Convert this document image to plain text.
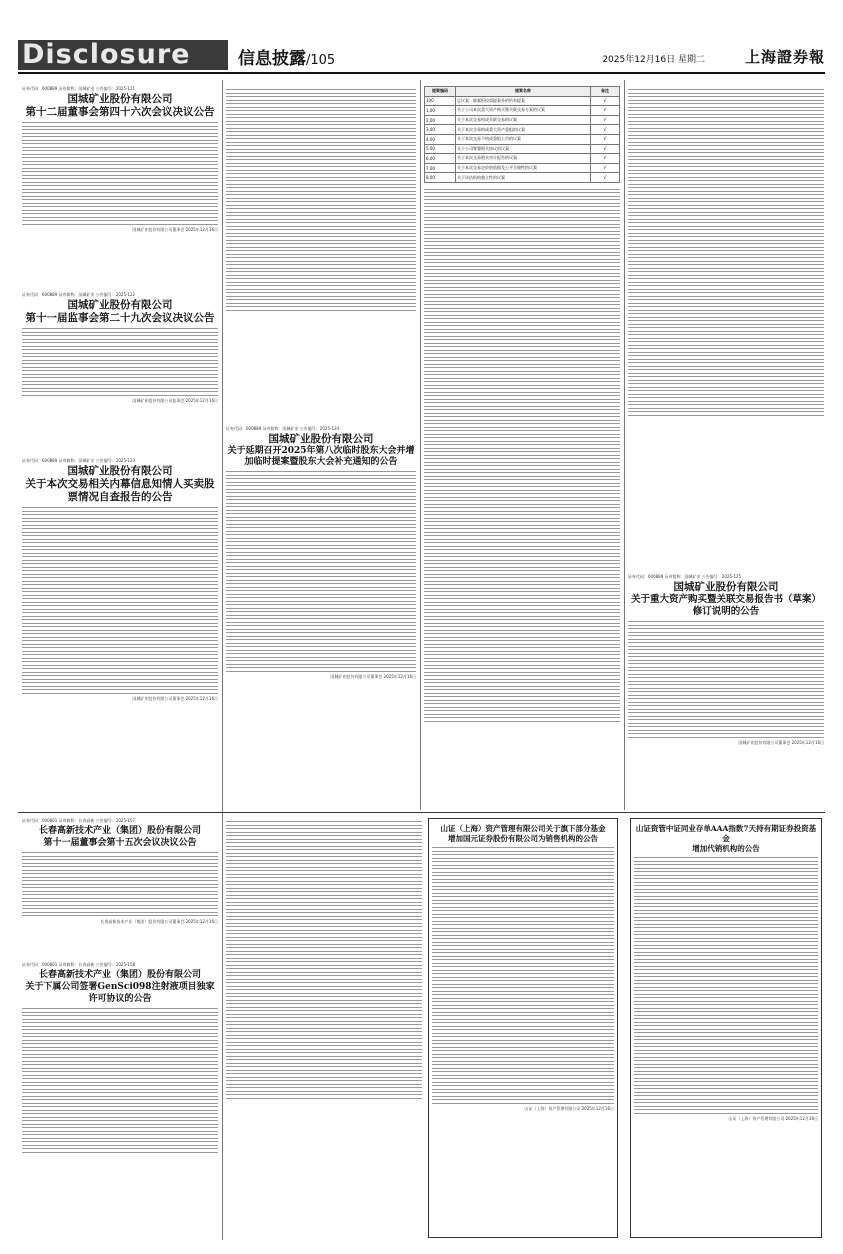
Disclosure	信息披露/105	2025年12月16日 星期二	上海證券報
证券代码：600889 证券简称：国城矿业 公告编号：2025-121
国城矿业股份有限公司
第十二届董事会第四十六次会议决议公告
国城矿业股份有限公司董事会 2025年12月16日
证券代码：600889 证券简称：国城矿业 公告编号：2025-122
国城矿业股份有限公司
第十一届监事会第二十九次会议决议公告
国城矿业股份有限公司监事会 2025年12月16日
证券代码：600889 证券简称：国城矿业 公告编号：2025-123
国城矿业股份有限公司
关于本次交易相关内幕信息知情人买卖股票情况自查报告的公告
国城矿业股份有限公司董事会 2025年12月16日
证券代码：600889 证券简称：国城矿业 公告编号：2025-124
国城矿业股份有限公司
关于延期召开2025年第八次临时股东大会并增加临时提案暨股东大会补充通知的公告
国城矿业股份有限公司董事会 2025年12月16日
提案编码	提案名称	备注
100	总议案：除累积投票提案外的所有提案	√
1.00	关于公司本次重大资产购买暨关联交易方案的议案	√
2.00	关于本次交易构成关联交易的议案	√
3.00	关于本次交易构成重大资产重组的议案	√
4.00	关于本次交易不构成重组上市的议案	√
5.00	关于公司签署相关协议的议案	√
6.00	关于本次交易相关审计报告的议案	√
7.00	关于本次交易定价的依据及公平合理性的议案	√
8.00	关于评估机构独立性的议案	√
证券代码：600889 证券简称：国城矿业 公告编号：2025-125
国城矿业股份有限公司
关于重大资产购买暨关联交易报告书（草案）修订说明的公告
国城矿业股份有限公司董事会 2025年12月16日
证券代码：000661 证券简称：长春高新 公告编号：2025-157
长春高新技术产业（集团）股份有限公司
第十一届董事会第十五次会议决议公告
长春高新技术产业（集团）股份有限公司董事会 2025年12月16日
证券代码：000661 证券简称：长春高新 公告编号：2025-158
长春高新技术产业（集团）股份有限公司
关于下属公司签署GenSci098注射液项目独家许可协议的公告
山证（上海）资产管理有限公司关于旗下部分基金
增加国元证券股份有限公司为销售机构的公告
山证（上海）资产管理有限公司 2025年12月16日
山证资管中证同业存单AAA指数7天持有期证券投资基金
增加代销机构的公告
山证（上海）资产管理有限公司 2025年12月16日
